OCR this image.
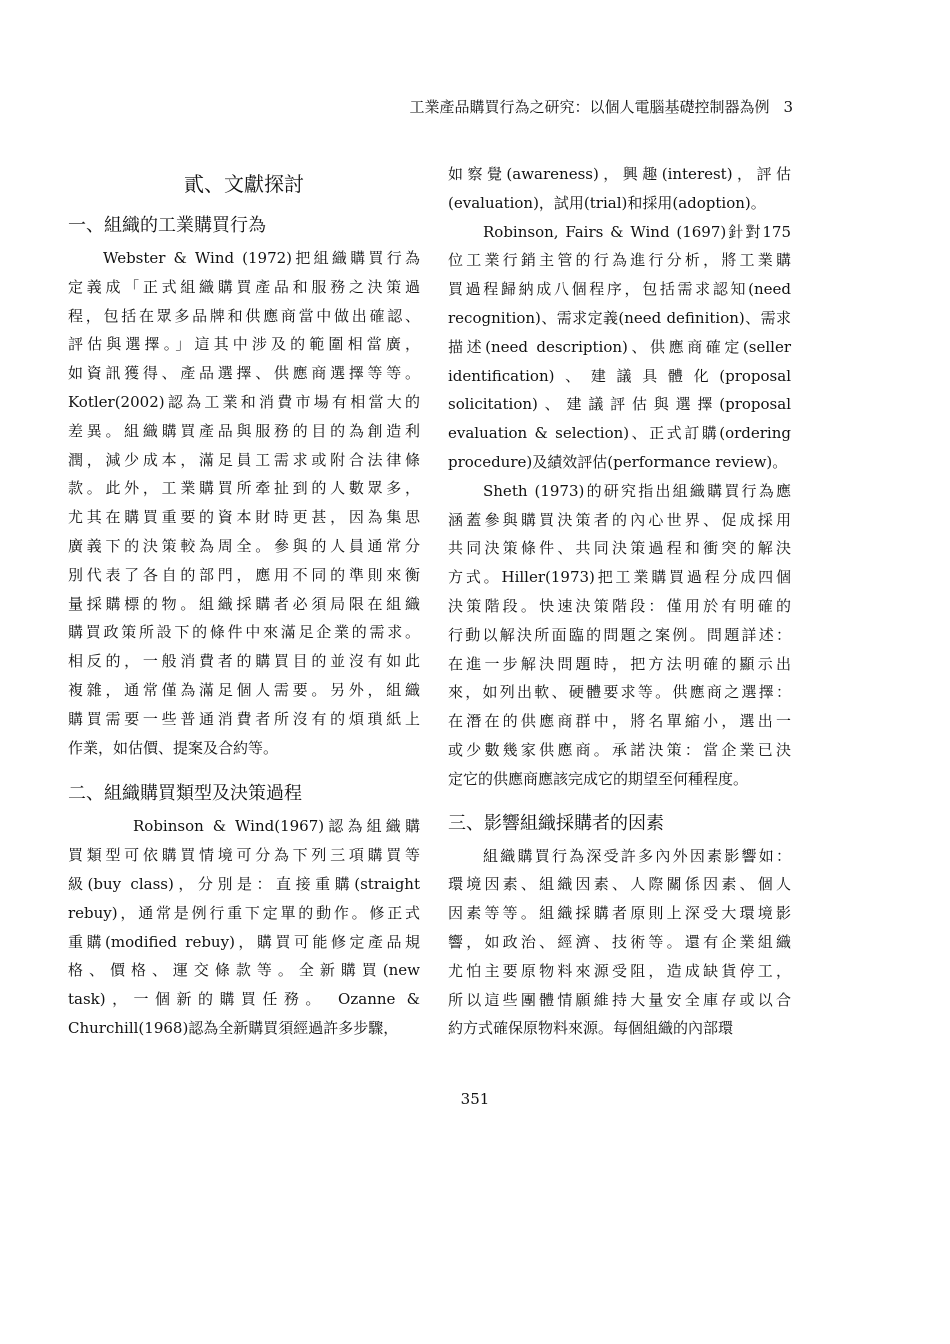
工業產品購買行為之研究：以個人電腦基礎控制器為例 3
貳、文獻探討
一、組織的工業購買行為
Webster & Wind (1972)把組織購買行為
定義成「正式組織購買產品和服務之決策過
程，包括在眾多品牌和供應商當中做出確認、
評估與選擇。」這其中涉及的範圍相當廣，
如資訊獲得、產品選擇、供應商選擇等等。
Kotler(2002)認為工業和消費市場有相當大的
差異。組織購買產品與服務的目的為創造利
潤，減少成本，滿足員工需求或附合法律條
款。此外，工業購買所牽扯到的人數眾多，
尤其在購買重要的資本財時更甚，因為集思
廣義下的決策較為周全。參與的人員通常分
別代表了各自的部門，應用不同的準則來衡
量採購標的物。組織採購者必須局限在組織
購買政策所設下的條件中來滿足企業的需求。
相反的，一般消費者的購買目的並沒有如此
複雜，通常僅為滿足個人需要。另外，組織
購買需要一些普通消費者所沒有的煩瑣紙上
作業，如估價、提案及合約等。
二、組織購買類型及決策過程
Robinson & Wind(1967)認為組織購
買類型可依購買情境可分為下列三項購買等
級(buy class)，分別是：直接重購(straight
rebuy)，通常是例行重下定單的動作。修正式
重購(modified rebuy)，購買可能修定產品規
格、價格、運交條款等。全新購買(new
task)，一個新的購買任務。 Ozanne &
Churchill(1968)認為全新購買須經過許多步驟，
如察覺(awareness)，興趣(interest)，評估
(evaluation)，試用(trial)和採用(adoption)。
Robinson, Fairs & Wind (1697)針對175
位工業行銷主管的行為進行分析，將工業購
買過程歸納成八個程序，包括需求認知(need
recognition)、需求定義(need definition)、需求
描述(need description)、供應商確定(seller
identification)、建議具體化(proposal
solicitation)、建議評估與選擇(proposal
evaluation & selection)、正式訂購(ordering
procedure)及績效評估(performance review)。
Sheth (1973)的研究指出組織購買行為應
涵蓋參與購買決策者的內心世界、促成採用
共同決策條件、共同決策過程和衝突的解決
方式。Hiller(1973)把工業購買過程分成四個
決策階段。快速決策階段：僅用於有明確的
行動以解決所面臨的問題之案例。問題詳述：
在進一步解決問題時，把方法明確的顯示出
來，如列出軟、硬體要求等。供應商之選擇：
在潛在的供應商群中，將名單縮小，選出一
或少數幾家供應商。承諾決策：當企業已決
定它的供應商應該完成它的期望至何種程度。
三、影響組織採購者的因素
組織購買行為深受許多內外因素影響如：
環境因素、組織因素、人際關係因素、個人
因素等等。組織採購者原則上深受大環境影
響，如政治、經濟、技術等。還有企業組織
尤怕主要原物料來源受阻，造成缺貨停工，
所以這些團體情願維持大量安全庫存或以合
約方式確保原物料來源。每個組織的內部環
351
